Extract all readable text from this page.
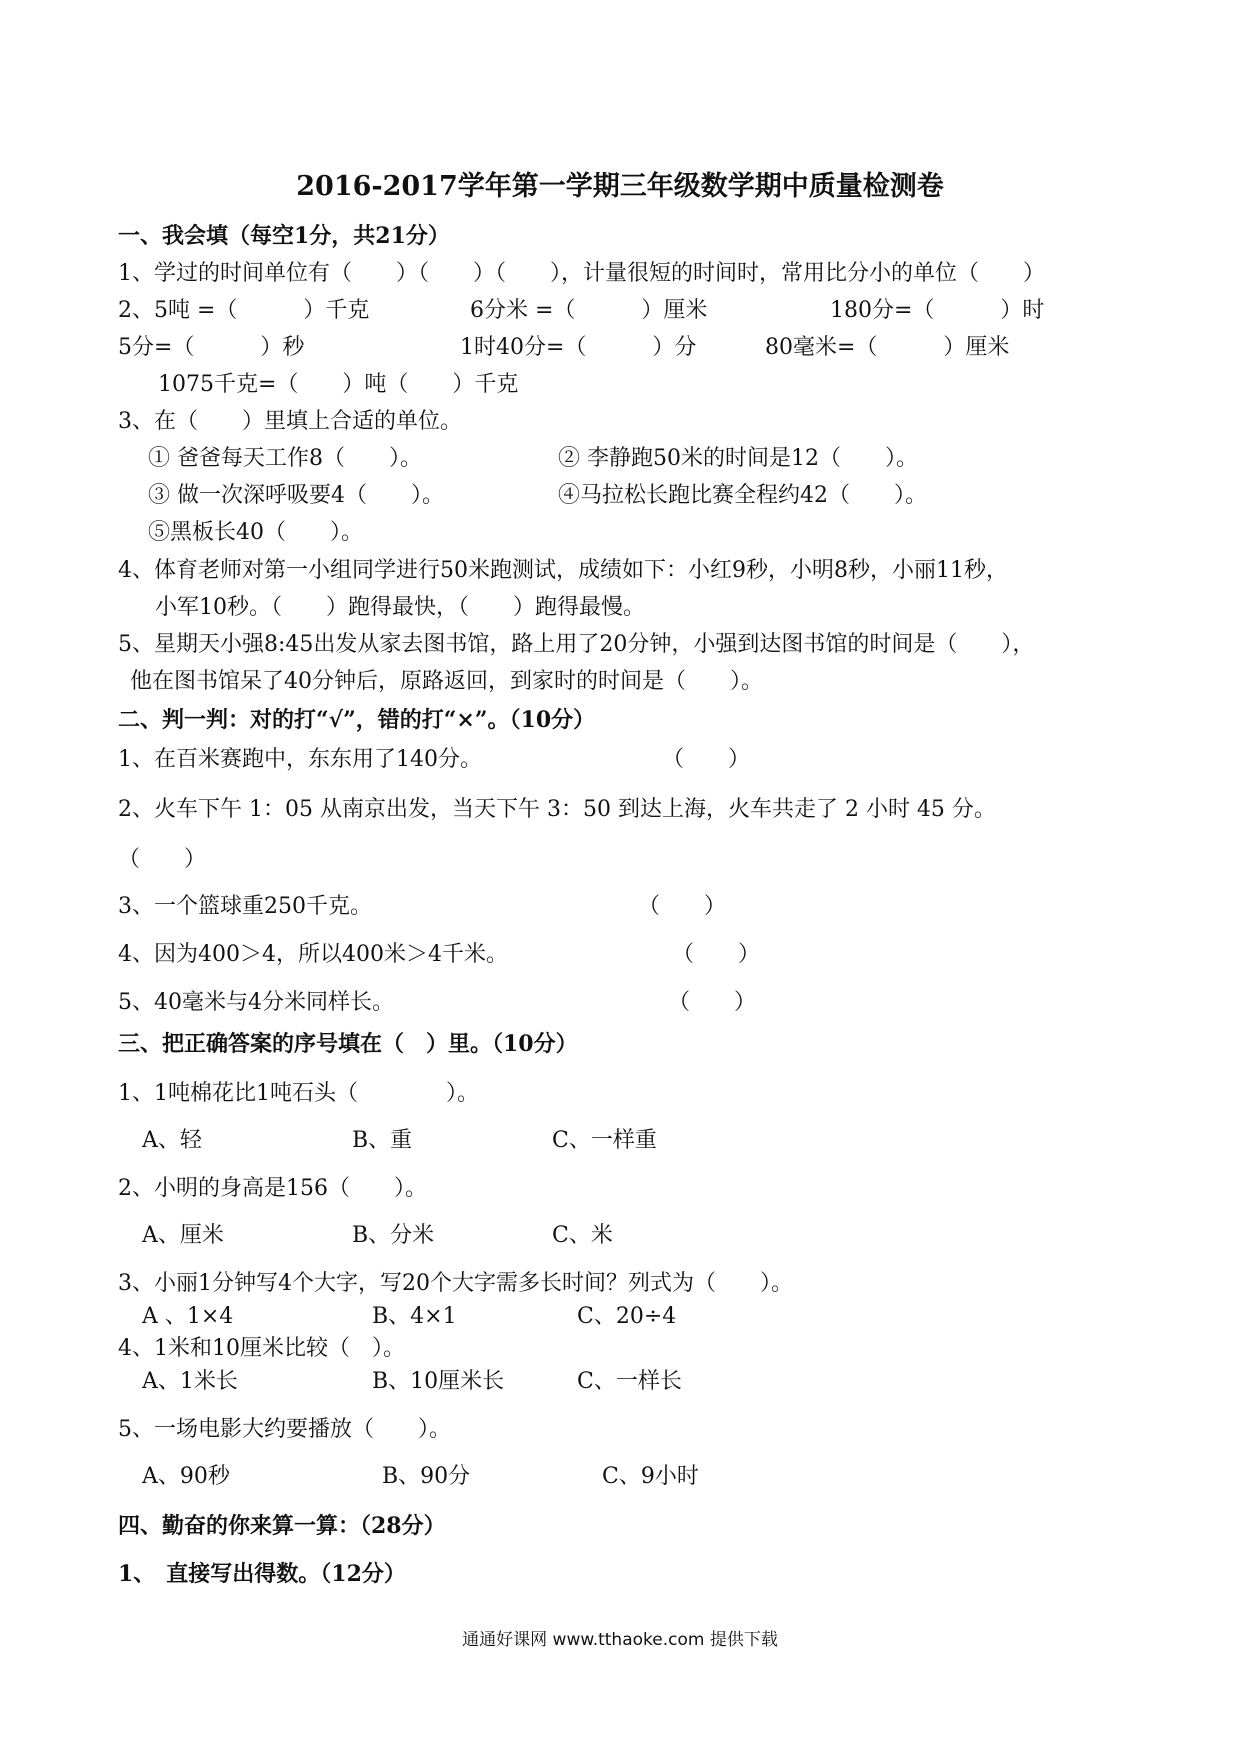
2016-2017学年第一学期三年级数学期中质量检测卷
一、我会填（每空1分，共21分）
1、学过的时间单位有（　　）（　　）（　　），计量很短的时间时，常用比分小的单位（　　）
2、5吨 =（　　　）千克	6分米 =（　　　）厘米	180分=（　　　）时
5分=（　　　）秒	1时40分=（　　　）分	80毫米=（　　　）厘米
1075千克=（　　）吨（　　）千克
3、在（　　）里填上合适的单位。
① 爸爸每天工作8（　　）。	② 李静跑50米的时间是12（　　）。
③ 做一次深呼吸要4（　　）。	④马拉松长跑比赛全程约42（　　）。
⑤黑板长40（　　）。
4、体育老师对第一小组同学进行50米跑测试，成绩如下：小红9秒，小明8秒，小丽11秒，
小军10秒。（　　）跑得最快，（　　）跑得最慢。
5、星期天小强8:45出发从家去图书馆，路上用了20分钟，小强到达图书馆的时间是（　　），
他在图书馆呆了40分钟后，原路返回，到家时的时间是（　　）。
二、判一判：对的打“√”，错的打“×”。（10分）
1、在百米赛跑中，东东用了140分。	（　　）
2、火车下午 1：05 从南京出发，当天下午 3：50 到达上海，火车共走了 2 小时 45 分。
（　　）
3、一个篮球重250千克。	（　　）
4、因为400＞4，所以400米＞4千米。	（　　）
5、40毫米与4分米同样长。	（　　）
三、把正确答案的序号填在（　）里。（10分）
1、1吨棉花比1吨石头（　　　　）。
A、轻	B、重	C、一样重
2、小明的身高是156（　　）。
A、厘米	B、分米	C、米
3、小丽1分钟写4个大字，写20个大字需多长时间？列式为（　　）。
A 、1×4	B、4×1	C、20÷4
4、1米和10厘米比较（　）。
A、1米长	B、10厘米长	C、一样长
5、一场电影大约要播放（　　）。
A、90秒	B、90分	C、9小时
四、勤奋的你来算一算：（28分）
1、　直接写出得数。（12分）
通通好课网 www.tthaoke.com 提供下载
